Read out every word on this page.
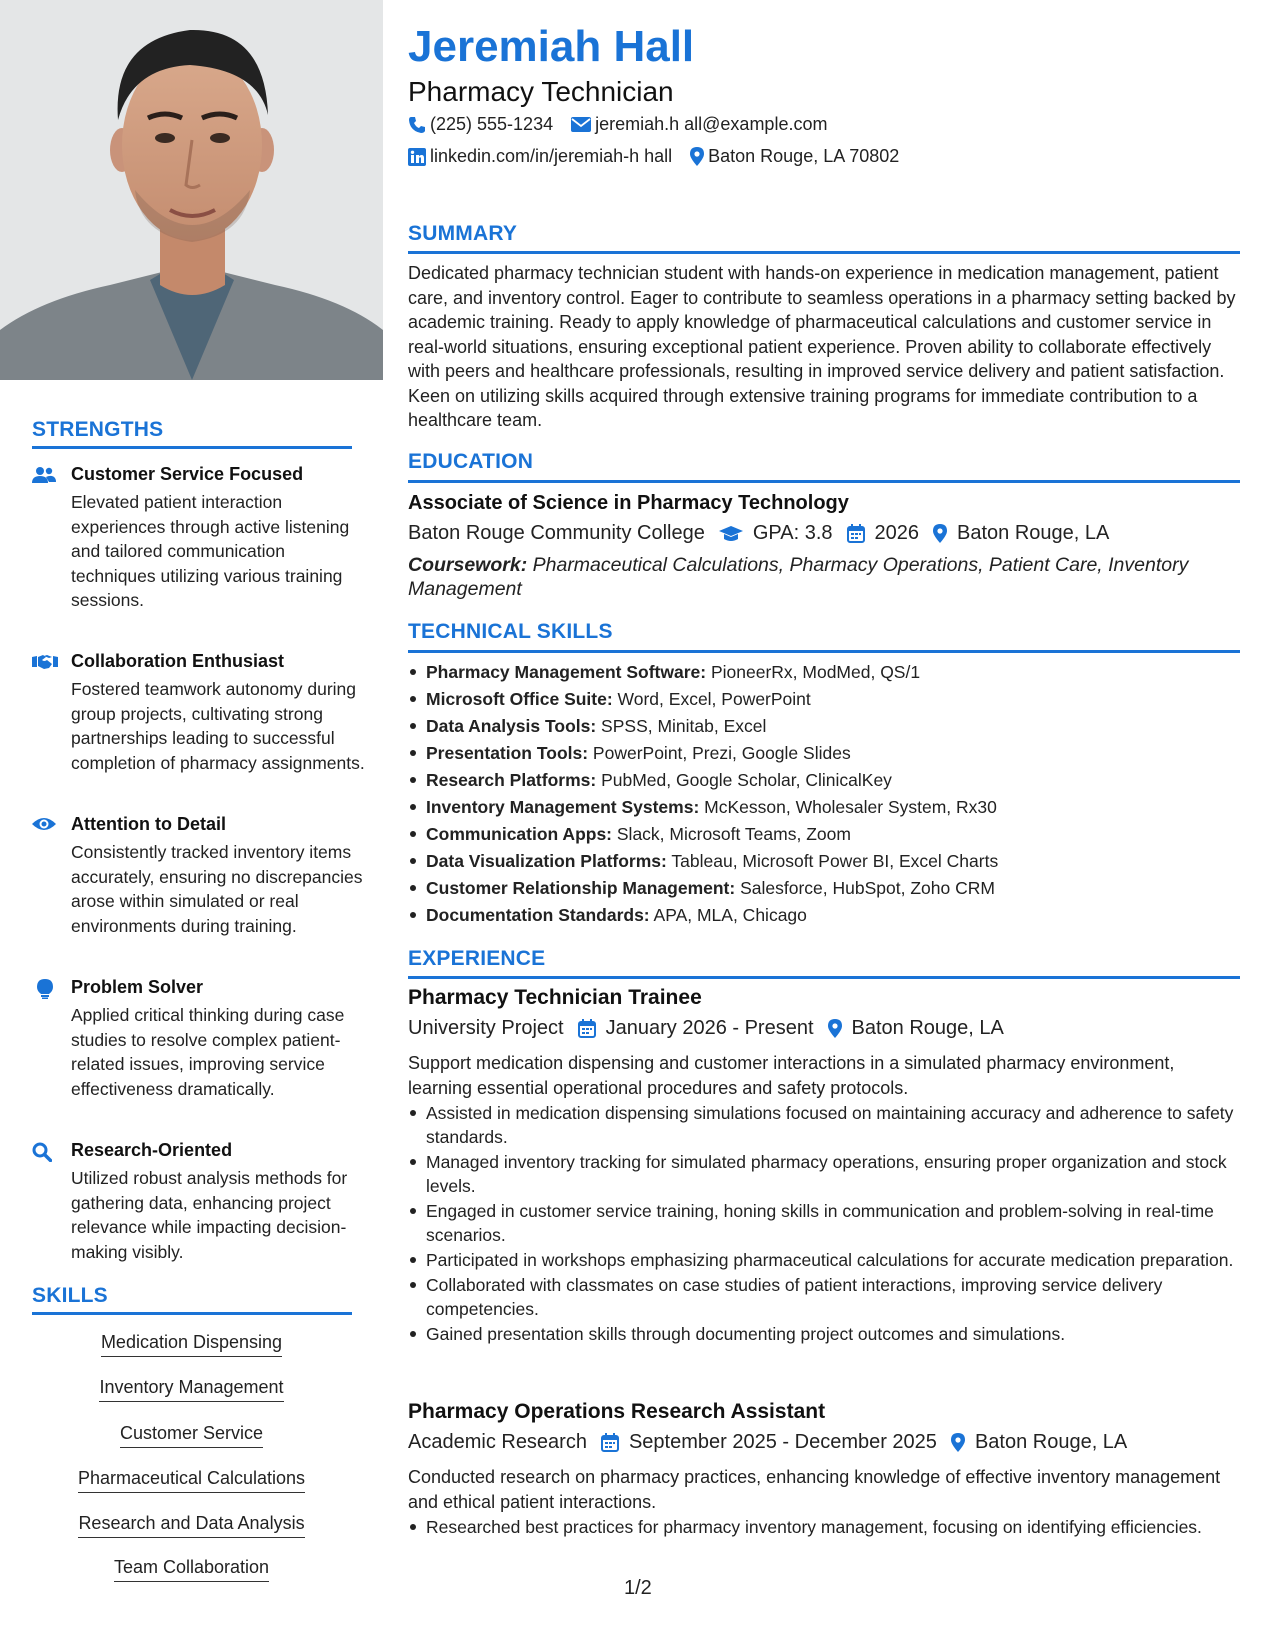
STRENGTHS
Customer Service Focused
Elevated patient interaction experiences through active listening and tailored communication techniques utilizing various training sessions.
Collaboration Enthusiast
Fostered teamwork autonomy during group projects, cultivating strong partnerships leading to successful completion of pharmacy assignments.
Attention to Detail
Consistently tracked inventory items accurately, ensuring no discrepancies arose within simulated or real environments during training.
Problem Solver
Applied critical thinking during case studies to resolve complex patient-related issues, improving service effectiveness dramatically.
Research-Oriented
Utilized robust analysis methods for gathering data, enhancing project relevance while impacting decision-making visibly.
SKILLS
Medication Dispensing
Inventory Management
Customer Service
Pharmaceutical Calculations
Research and Data Analysis
Team Collaboration
Jeremiah Hall
Pharmacy Technician
(225) 555-1234 jeremiah.h all@example.com
linkedin.com/in/jeremiah-h hall Baton Rouge, LA 70802
SUMMARY
Dedicated pharmacy technician student with hands-on experience in medication management, patient care, and inventory control. Eager to contribute to seamless operations in a pharmacy setting backed by academic training. Ready to apply knowledge of pharmaceutical calculations and customer service in real-world situations, ensuring exceptional patient experience. Proven ability to collaborate effectively with peers and healthcare professionals, resulting in improved service delivery and patient satisfaction. Keen on utilizing skills acquired through extensive training programs for immediate contribution to a healthcare team.
EDUCATION
Associate of Science in Pharmacy Technology
Baton Rouge Community College GPA: 3.8 2026 Baton Rouge, LA
Coursework: Pharmaceutical Calculations, Pharmacy Operations, Patient Care, Inventory Management
TECHNICAL SKILLS
Pharmacy Management Software: PioneerRx, ModMed, QS/1
Microsoft Office Suite: Word, Excel, PowerPoint
Data Analysis Tools: SPSS, Minitab, Excel
Presentation Tools: PowerPoint, Prezi, Google Slides
Research Platforms: PubMed, Google Scholar, ClinicalKey
Inventory Management Systems: McKesson, Wholesaler System, Rx30
Communication Apps: Slack, Microsoft Teams, Zoom
Data Visualization Platforms: Tableau, Microsoft Power BI, Excel Charts
Customer Relationship Management: Salesforce, HubSpot, Zoho CRM
Documentation Standards: APA, MLA, Chicago
EXPERIENCE
Pharmacy Technician Trainee
University Project January 2026 - Present Baton Rouge, LA
Support medication dispensing and customer interactions in a simulated pharmacy environment, learning essential operational procedures and safety protocols.
Assisted in medication dispensing simulations focused on maintaining accuracy and adherence to safety standards.
Managed inventory tracking for simulated pharmacy operations, ensuring proper organization and stock levels.
Engaged in customer service training, honing skills in communication and problem-solving in real-time scenarios.
Participated in workshops emphasizing pharmaceutical calculations for accurate medication preparation.
Collaborated with classmates on case studies of patient interactions, improving service delivery competencies.
Gained presentation skills through documenting project outcomes and simulations.
Pharmacy Operations Research Assistant
Academic Research September 2025 - December 2025 Baton Rouge, LA
Conducted research on pharmacy practices, enhancing knowledge of effective inventory management and ethical patient interactions.
Researched best practices for pharmacy inventory management, focusing on identifying efficiencies.
1/2
